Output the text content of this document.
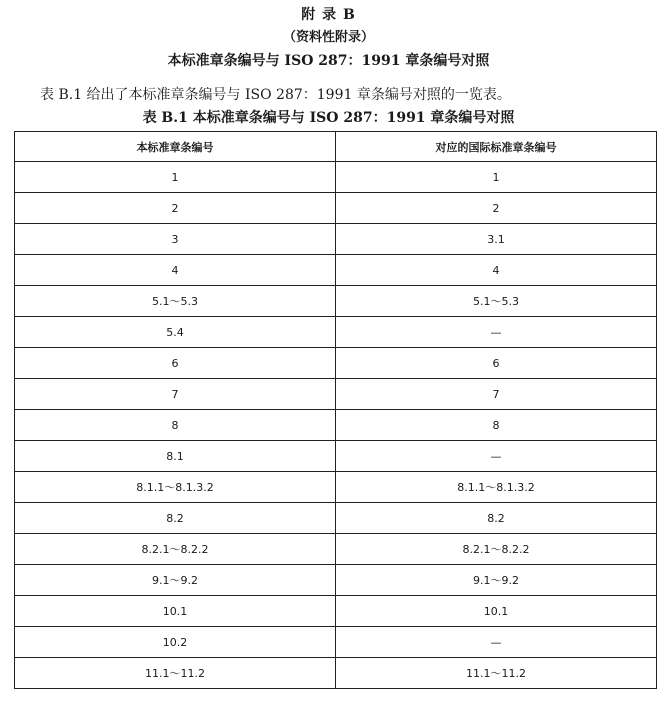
附 录 B
（资料性附录）
本标准章条编号与 ISO 287：1991 章条编号对照
表 B.1 给出了本标准章条编号与 ISO 287：1991 章条编号对照的一览表。
表 B.1 本标准章条编号与 ISO 287：1991 章条编号对照
本标准章条编号	对应的国际标准章条编号
1	1
2	2
3	3.1
4	4
5.1～5.3	5.1～5.3
5.4	—
6	6
7	7
8	8
8.1	—
8.1.1～8.1.3.2	8.1.1～8.1.3.2
8.2	8.2
8.2.1～8.2.2	8.2.1～8.2.2
9.1～9.2	9.1～9.2
10.1	10.1
10.2	—
11.1～11.2	11.1～11.2
